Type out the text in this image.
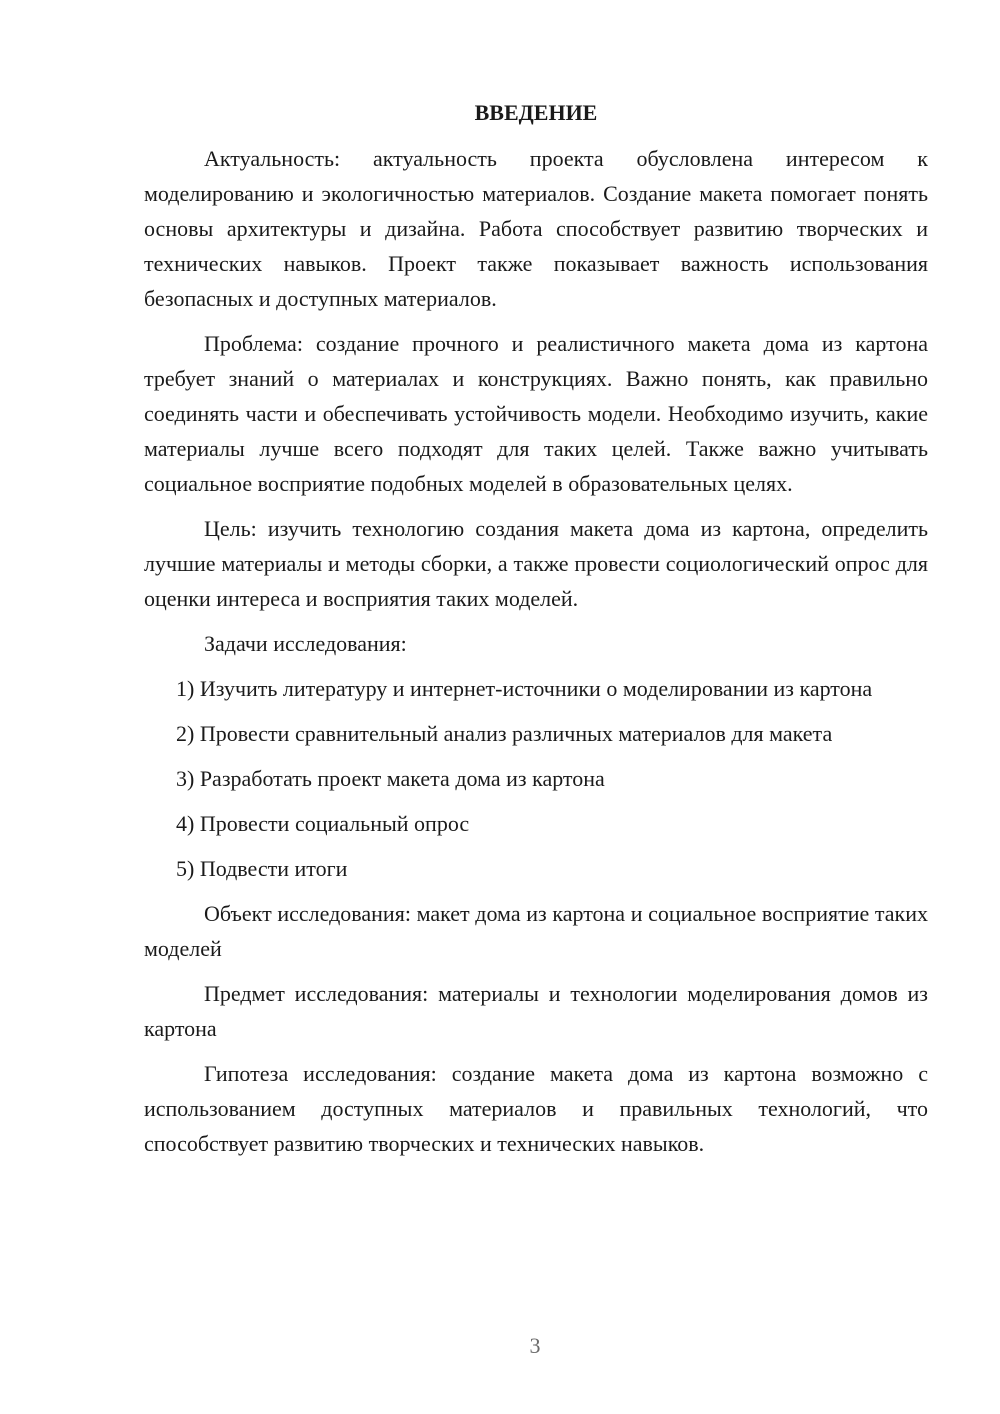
ВВЕДЕНИЕ

Актуальность: актуальность проекта обусловлена интересом к моделированию и экологичностью материалов. Создание макета помогает понять основы архитектуры и дизайна. Работа способствует развитию творческих и технических навыков. Проект также показывает важность использования безопасных и доступных материалов.

Проблема: создание прочного и реалистичного макета дома из картона требует знаний о материалах и конструкциях. Важно понять, как правильно соединять части и обеспечивать устойчивость модели. Необходимо изучить, какие материалы лучше всего подходят для таких целей. Также важно учитывать социальное восприятие подобных моделей в образовательных целях.

Цель: изучить технологию создания макета дома из картона, определить лучшие материалы и методы сборки, а также провести социологический опрос для оценки интереса и восприятия таких моделей.

Задачи исследования:

1) Изучить литературу и интернет-источники о моделировании из картона

2) Провести сравнительный анализ различных материалов для макета

3) Разработать проект макета дома из картона

4) Провести социальный опрос

5) Подвести итоги

Объект исследования: макет дома из картона и социальное восприятие таких моделей

Предмет исследования: материалы и технологии моделирования домов из картона

Гипотеза исследования: создание макета дома из картона возможно с использованием доступных материалов и правильных технологий, что способствует развитию творческих и технических навыков.

3
